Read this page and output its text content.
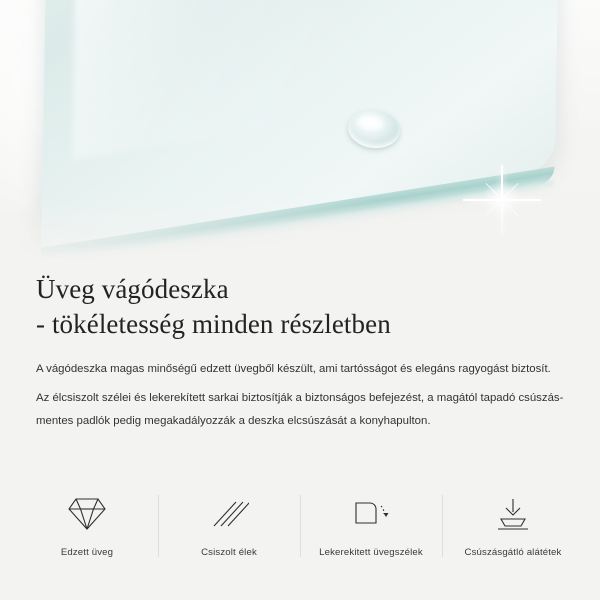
Üveg vágódeszka
- tökéletesség minden részletben

A vágódeszka magas minőségű edzett üvegből készült, ami tartósságot és elegáns ragyogást biztosít.

Az élcsiszolt szélei és lekerekített sarkai biztosítják a biztonságos befejezést, a magától tapadó csúszás- mentes padlók pedig megakadályozzák a deszka elcsúszását a konyhapulton.

Edzett üveg	Csiszolt élek	Lekerekitett üvegszélek	Csúszásgátló alátétek
